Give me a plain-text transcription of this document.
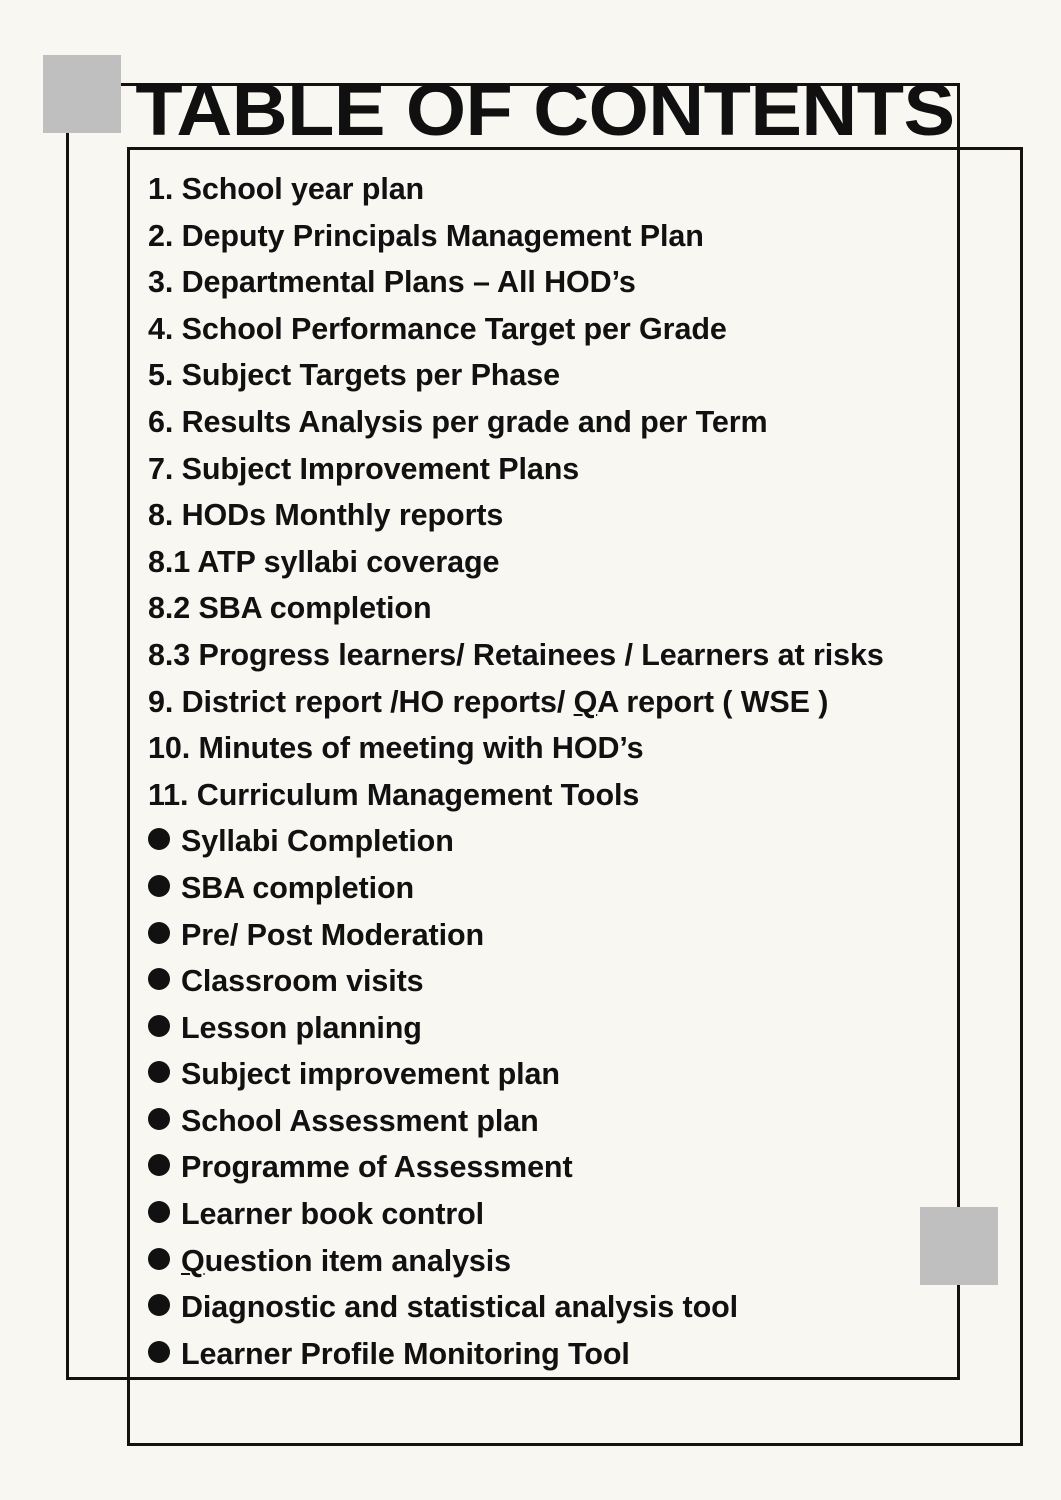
TABLE OF CONTENTS
1. School year plan
2. Deputy Principals Management Plan
3. Departmental Plans – All HOD’s
4. School Performance Target per Grade
5. Subject Targets per Phase
6. Results Analysis per grade and per Term
7. Subject Improvement Plans
8. HODs Monthly reports
8.1 ATP syllabi coverage
8.2 SBA completion
8.3 Progress learners/ Retainees / Learners at risks
9. District report /HO reports/ QA report ( WSE )
10. Minutes of meeting with HOD’s
11. Curriculum Management Tools
Syllabi Completion
SBA completion
Pre/ Post Moderation
Classroom visits
Lesson planning
Subject improvement plan
School Assessment plan
Programme of Assessment
Learner book control
Question item analysis
Diagnostic and statistical analysis tool
Learner Profile Monitoring Tool
